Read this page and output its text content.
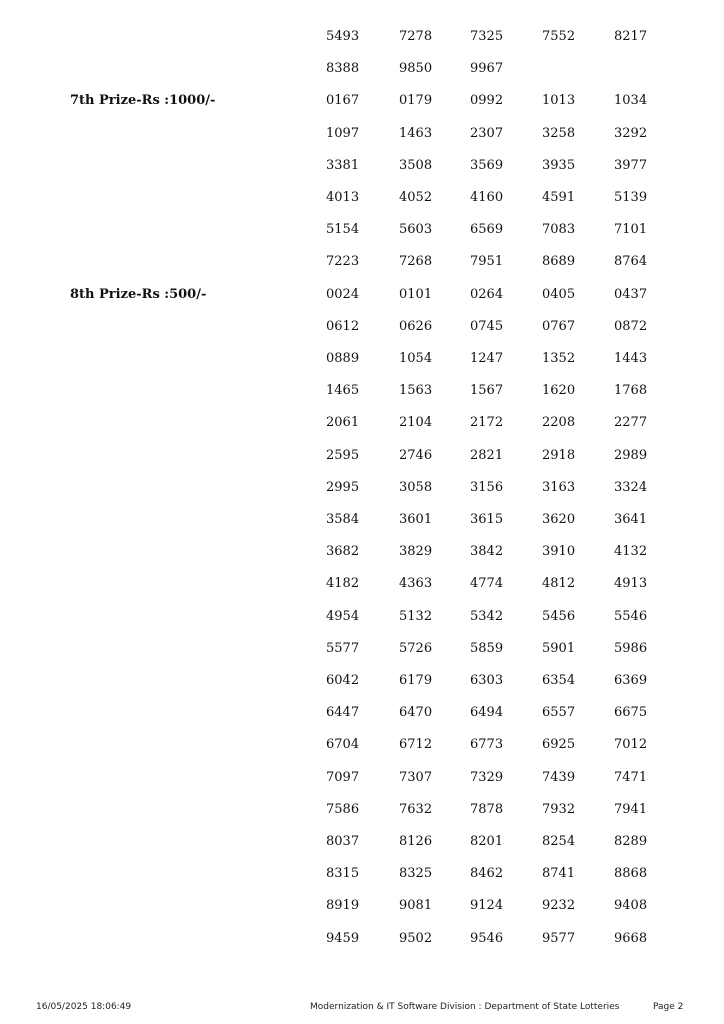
5493	7278	7325	7552	8217
8388	9850	9967
7th Prize-Rs :1000/-	0167	0179	0992	1013	1034
1097	1463	2307	3258	3292
3381	3508	3569	3935	3977
4013	4052	4160	4591	5139
5154	5603	6569	7083	7101
7223	7268	7951	8689	8764
8th Prize-Rs :500/-	0024	0101	0264	0405	0437
0612	0626	0745	0767	0872
0889	1054	1247	1352	1443
1465	1563	1567	1620	1768
2061	2104	2172	2208	2277
2595	2746	2821	2918	2989
2995	3058	3156	3163	3324
3584	3601	3615	3620	3641
3682	3829	3842	3910	4132
4182	4363	4774	4812	4913
4954	5132	5342	5456	5546
5577	5726	5859	5901	5986
6042	6179	6303	6354	6369
6447	6470	6494	6557	6675
6704	6712	6773	6925	7012
7097	7307	7329	7439	7471
7586	7632	7878	7932	7941
8037	8126	8201	8254	8289
8315	8325	8462	8741	8868
8919	9081	9124	9232	9408
9459	9502	9546	9577	9668
16/05/2025 18:06:49	Modernization & IT Software Division : Department of State Lotteries	Page 2
